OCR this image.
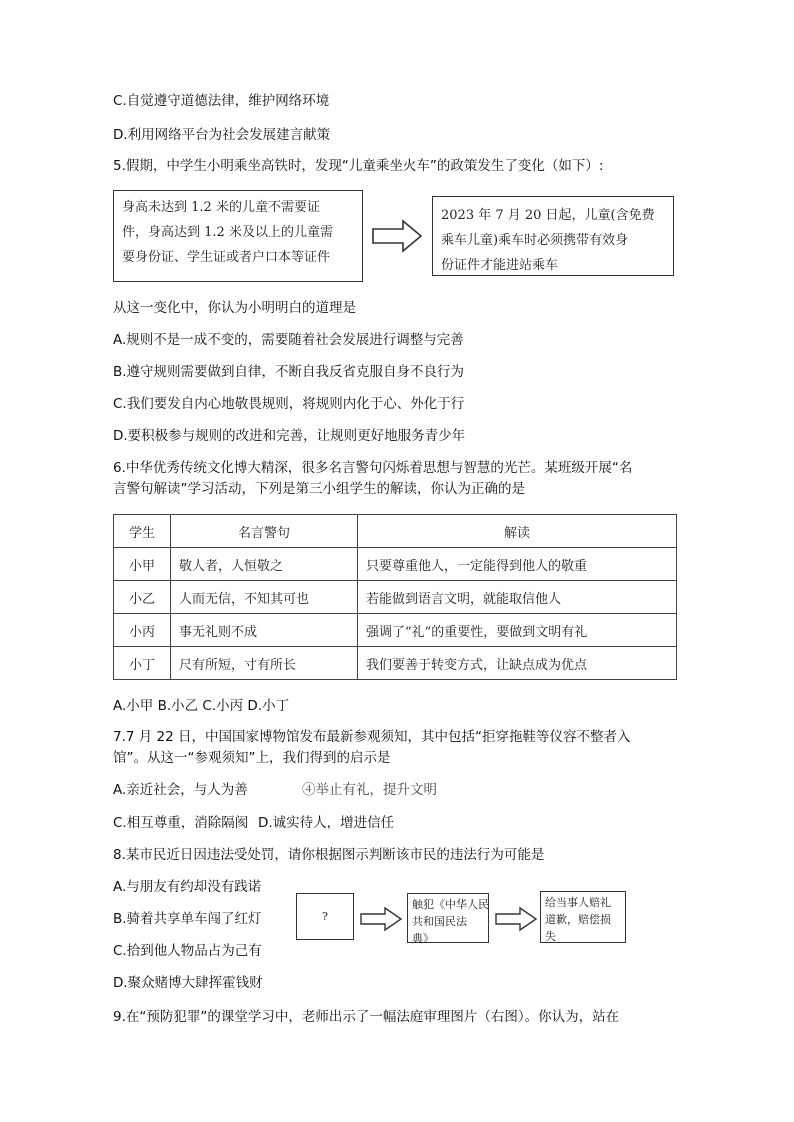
C.自觉遵守道德法律，维护网络环境
D.利用网络平台为社会发展建言献策
5.假期，中学生小明乘坐高铁时，发现“儿童乘坐火车”的政策发生了变化（如下）:
身高未达到 1.2 米的儿童不需要证
件，身高达到 1.2 米及以上的儿童需
要身份证、学生证或者户口本等证件
2023 年 7 月 20 日起，儿童(含免费
乘车儿童)乘车时必须携带有效身
份证件才能进站乘车
从这一变化中，你认为小明明白的道理是
A.规则不是一成不变的，需要随着社会发展进行调整与完善
B.遵守规则需要做到自律，不断自我反省克服自身不良行为
C.我们要发自内心地敬畏规则，将规则内化于心、外化于行
D.要积极参与规则的改进和完善，让规则更好地服务青少年
6.中华优秀传统文化博大精深，很多名言警句闪烁着思想与智慧的光芒。某班级开展“名
言警句解读”学习活动，下列是第三小组学生的解读，你认为正确的是
学生	名言警句	解读
小甲	敬人者，人恒敬之	只要尊重他人，一定能得到他人的敬重
小乙	人而无信，不知其可也	若能做到语言文明，就能取信他人
小丙	事无礼则不成	强调了“礼”的重要性，要做到文明有礼
小丁	尺有所短，寸有所长	我们要善于转变方式，让缺点成为优点
A.小甲 B.小乙 C.小丙 D.小丁
7.7 月 22 日，中国国家博物馆发布最新参观须知，其中包括“拒穿拖鞋等仪容不整者入
馆”。从这一“参观须知”上，我们得到的启示是
A.亲近社会，与人为善	④举止有礼，提升文明
C.相互尊重，消除隔阂 D.诚实待人，增进信任
8.某市民近日因违法受处罚，请你根据图示判断该市民的违法行为可能是
A.与朋友有约却没有践诺
B.骑着共享单车闯了红灯
C.拾到他人物品占为己有
D.聚众赌博大肆挥霍钱财
?
触犯《中华人民
共和国民法
典》
给当事人赔礼
道歉，赔偿损
失
9.在“预防犯罪”的课堂学习中，老师出示了一幅法庭审理图片（右图）。你认为，站在
